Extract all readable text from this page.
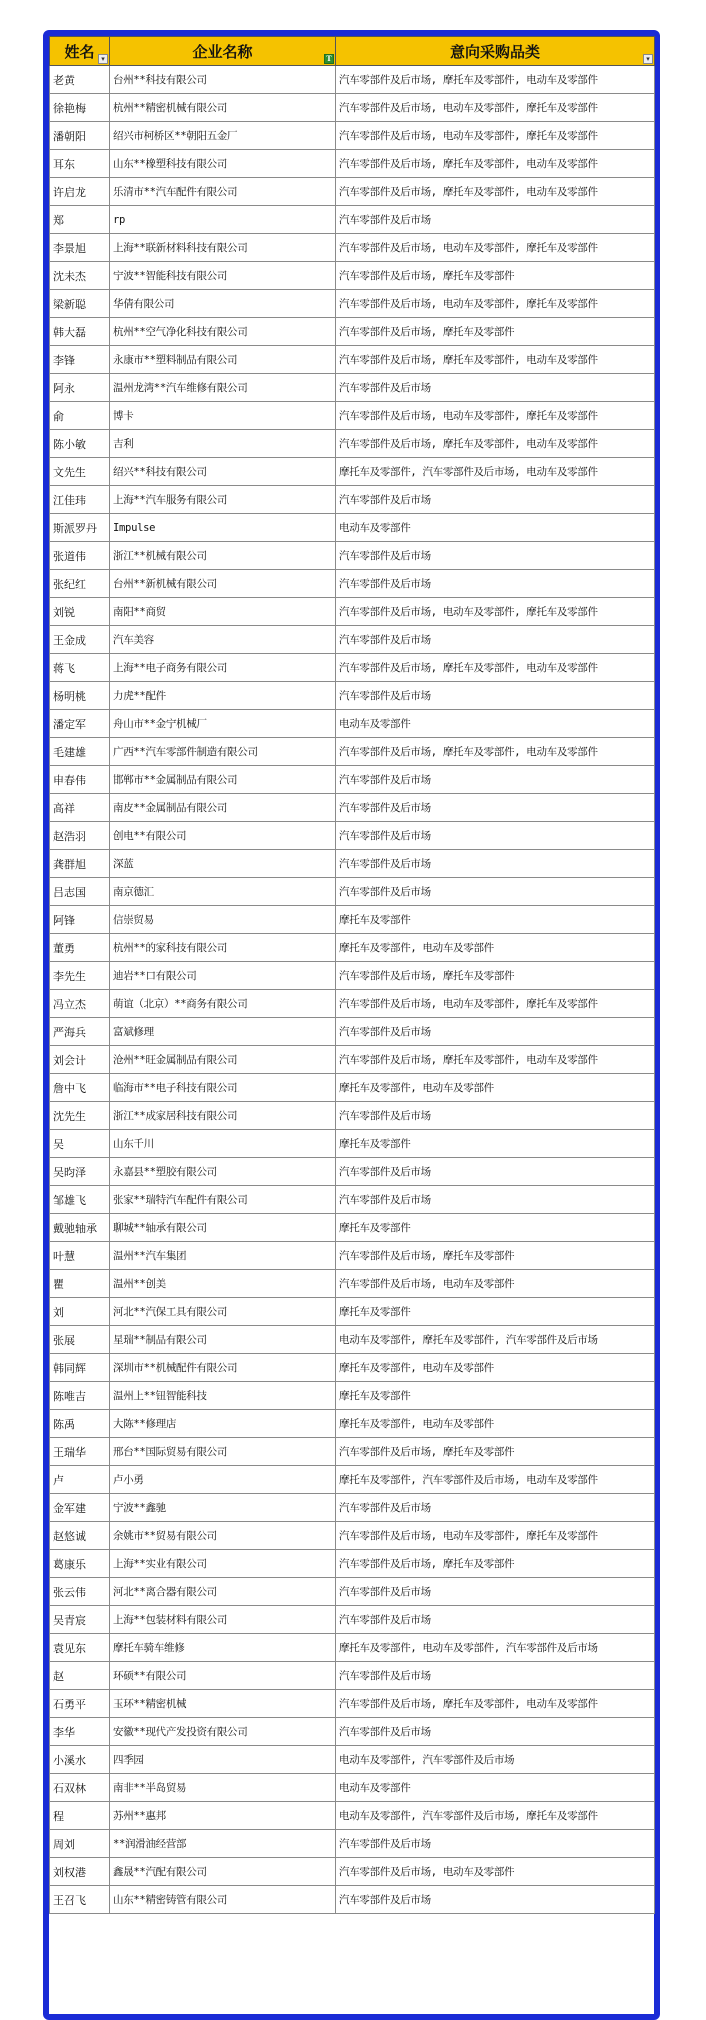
姓名 ▾	企业名称 T	意向采购品类 ▾

老黄	台州**科技有限公司	汽车零部件及后市场, 摩托车及零部件, 电动车及零部件
徐艳梅	杭州**精密机械有限公司	汽车零部件及后市场, 电动车及零部件, 摩托车及零部件
潘朝阳	绍兴市柯桥区**朝阳五金厂	汽车零部件及后市场, 电动车及零部件, 摩托车及零部件
耳东	山东**橡塑科技有限公司	汽车零部件及后市场, 摩托车及零部件, 电动车及零部件
许启龙	乐清市**汽车配件有限公司	汽车零部件及后市场, 摩托车及零部件, 电动车及零部件
郑	rp	汽车零部件及后市场
李景旭	上海**联新材料科技有限公司	汽车零部件及后市场, 电动车及零部件, 摩托车及零部件
沈未杰	宁波**智能科技有限公司	汽车零部件及后市场, 摩托车及零部件
梁新聪	华倩有限公司	汽车零部件及后市场, 电动车及零部件, 摩托车及零部件
韩大磊	杭州**空气净化科技有限公司	汽车零部件及后市场, 摩托车及零部件
李锋	永康市**塑料制品有限公司	汽车零部件及后市场, 摩托车及零部件, 电动车及零部件
阿永	温州龙湾**汽车维修有限公司	汽车零部件及后市场
俞	博卡	汽车零部件及后市场, 电动车及零部件, 摩托车及零部件
陈小敏	吉利	汽车零部件及后市场, 摩托车及零部件, 电动车及零部件
文先生	绍兴**科技有限公司	摩托车及零部件, 汽车零部件及后市场, 电动车及零部件
江佳玮	上海**汽车服务有限公司	汽车零部件及后市场
斯派罗丹	Impulse	电动车及零部件
张道伟	浙江**机械有限公司	汽车零部件及后市场
张纪红	台州**新机械有限公司	汽车零部件及后市场
刘锐	南阳**商贸	汽车零部件及后市场, 电动车及零部件, 摩托车及零部件
王金成	汽车美容	汽车零部件及后市场
蒋飞	上海**电子商务有限公司	汽车零部件及后市场, 摩托车及零部件, 电动车及零部件
杨明桃	力虎**配件	汽车零部件及后市场
潘定军	舟山市**金宁机械厂	电动车及零部件
毛建雄	广西**汽车零部件制造有限公司	汽车零部件及后市场, 摩托车及零部件, 电动车及零部件
申春伟	邯郸市**金属制品有限公司	汽车零部件及后市场
高祥	南皮**金属制品有限公司	汽车零部件及后市场
赵浩羽	创电**有限公司	汽车零部件及后市场
龚群旭	深蓝	汽车零部件及后市场
吕志国	南京德汇	汽车零部件及后市场
阿锋	信崇贸易	摩托车及零部件
董勇	杭州**的家科技有限公司	摩托车及零部件, 电动车及零部件
李先生	迪岩**口有限公司	汽车零部件及后市场, 摩托车及零部件
冯立杰	萌谊（北京）**商务有限公司	汽车零部件及后市场, 电动车及零部件, 摩托车及零部件
严海兵	富斌修理	汽车零部件及后市场
刘会计	沧州**旺金属制品有限公司	汽车零部件及后市场, 摩托车及零部件, 电动车及零部件
詹中飞	临海市**电子科技有限公司	摩托车及零部件, 电动车及零部件
沈先生	浙江**成家居科技有限公司	汽车零部件及后市场
吴	山东千川	摩托车及零部件
吴昀泽	永嘉县**塑胶有限公司	汽车零部件及后市场
邹雄飞	张家**瑞特汽车配件有限公司	汽车零部件及后市场
戴驰轴承	聊城**轴承有限公司	摩托车及零部件
叶慧	温州**汽车集团	汽车零部件及后市场, 摩托车及零部件
瞿	温州**创美	汽车零部件及后市场, 电动车及零部件
刘	河北**汽保工具有限公司	摩托车及零部件
张展	星瑞**制品有限公司	电动车及零部件, 摩托车及零部件, 汽车零部件及后市场
韩同辉	深圳市**机械配件有限公司	摩托车及零部件, 电动车及零部件
陈唯吉	温州上**钮智能科技	摩托车及零部件
陈禹	大陈**修理店	摩托车及零部件, 电动车及零部件
王瑞华	邢台**国际贸易有限公司	汽车零部件及后市场, 摩托车及零部件
卢	卢小勇	摩托车及零部件, 汽车零部件及后市场, 电动车及零部件
金军建	宁波**鑫驰	汽车零部件及后市场
赵悠诚	余姚市**贸易有限公司	汽车零部件及后市场, 电动车及零部件, 摩托车及零部件
葛康乐	上海**实业有限公司	汽车零部件及后市场, 摩托车及零部件
张云伟	河北**离合器有限公司	汽车零部件及后市场
吴青宸	上海**包装材料有限公司	汽车零部件及后市场
袁见东	摩托车骑车维修	摩托车及零部件, 电动车及零部件, 汽车零部件及后市场
赵	环硕**有限公司	汽车零部件及后市场
石勇平	玉环**精密机械	汽车零部件及后市场, 摩托车及零部件, 电动车及零部件
李华	安徽**现代产发投资有限公司	汽车零部件及后市场
小溪水	四季园	电动车及零部件, 汽车零部件及后市场
石双林	南非**半岛贸易	电动车及零部件
程	苏州**惠邦	电动车及零部件, 汽车零部件及后市场, 摩托车及零部件
周刘	**润滑油经营部	汽车零部件及后市场
刘权港	鑫晟**汽配有限公司	汽车零部件及后市场, 电动车及零部件
王召飞	山东**精密铸管有限公司	汽车零部件及后市场
